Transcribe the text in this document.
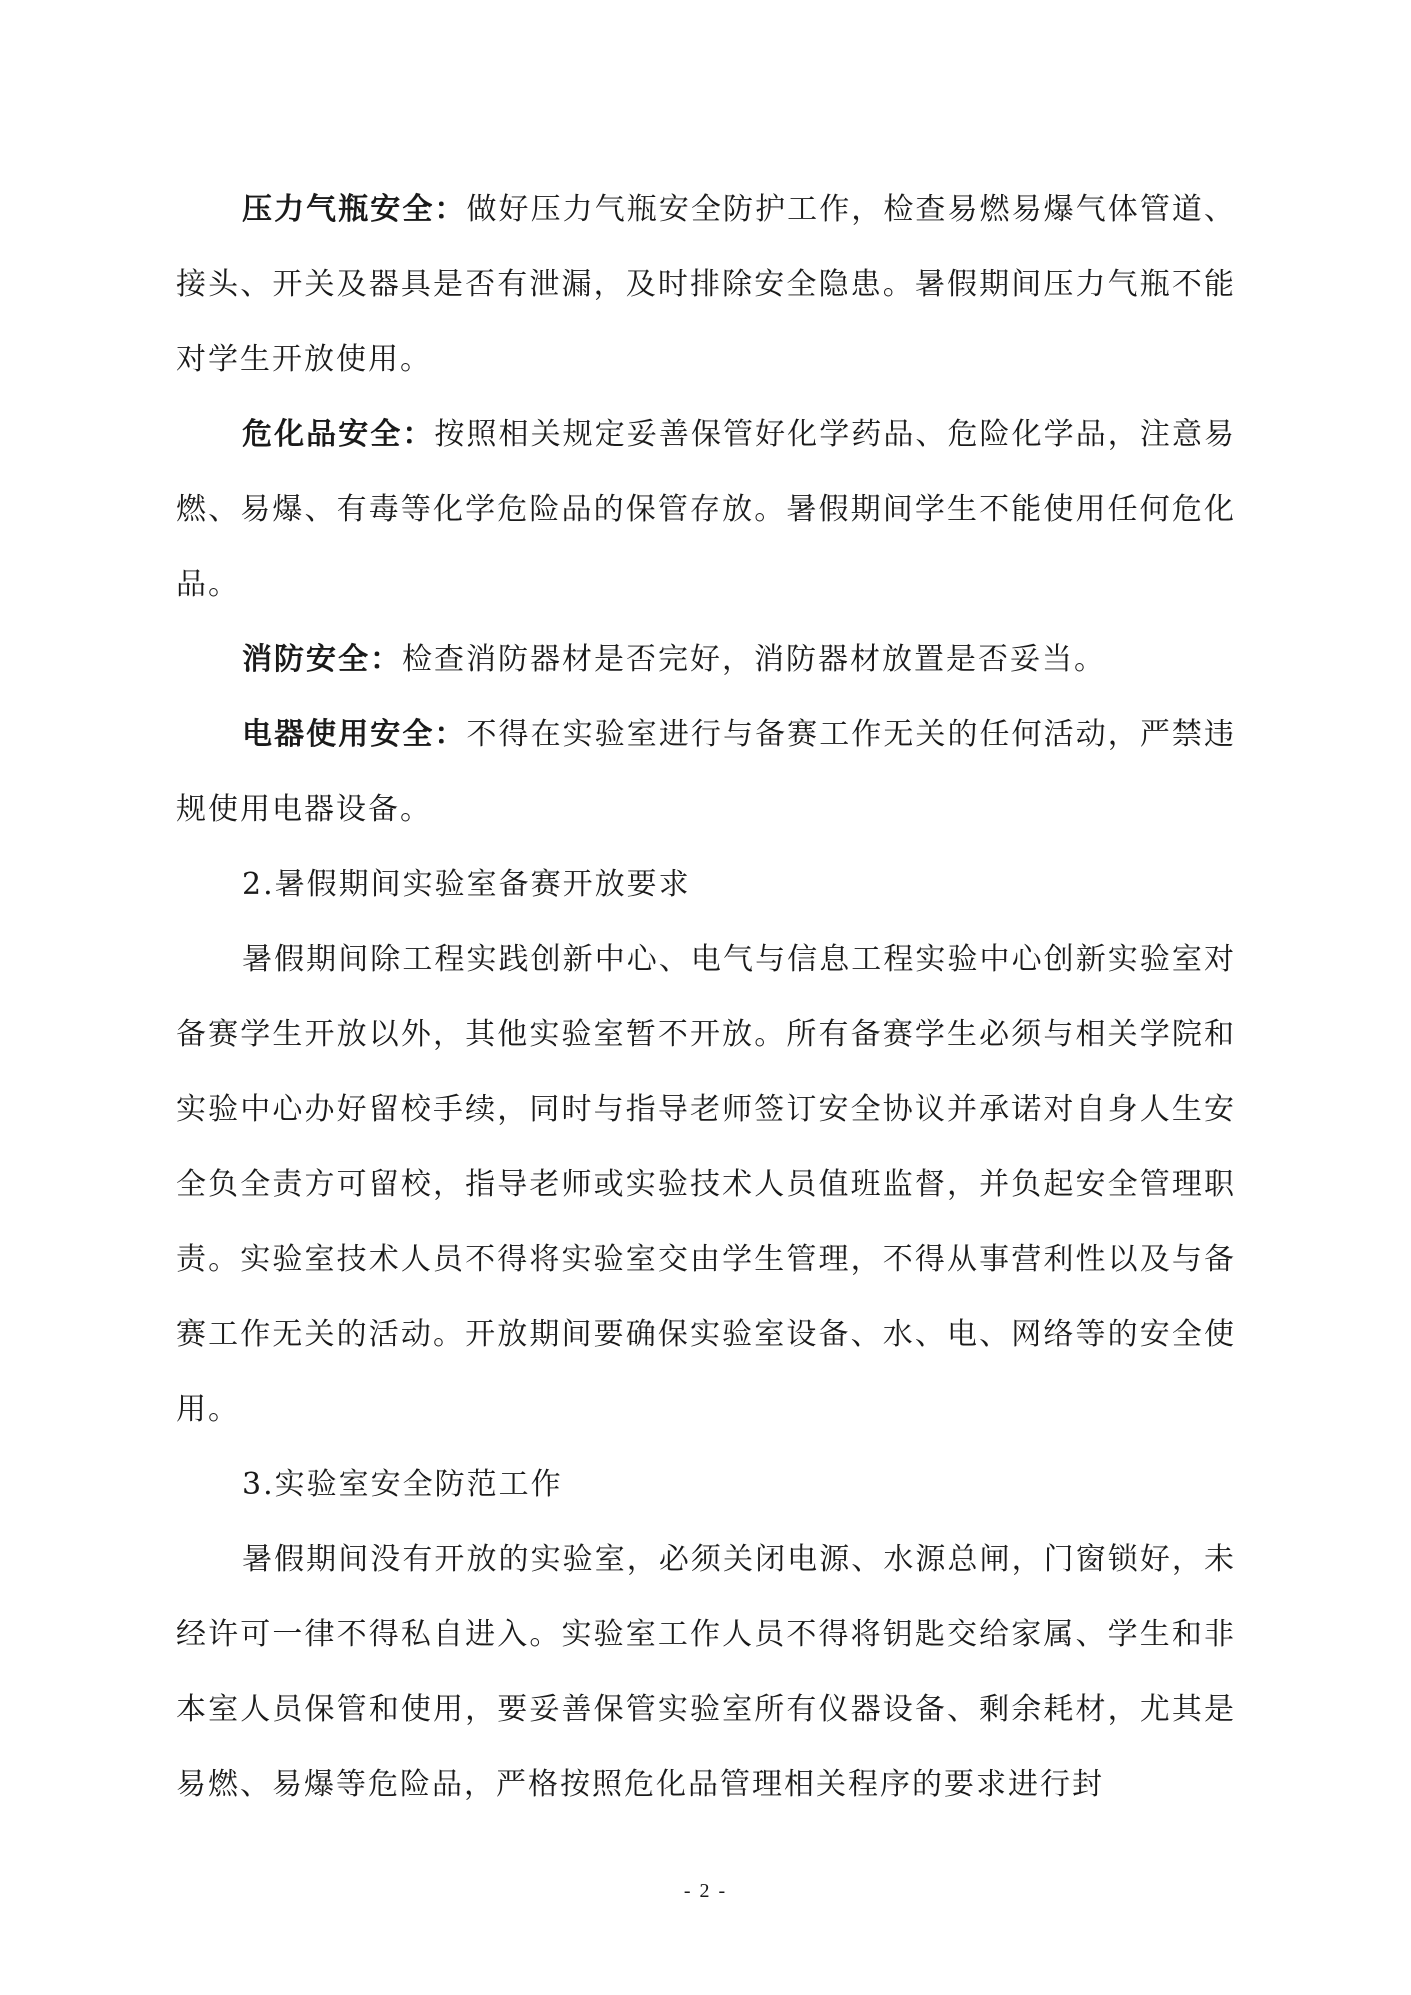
压力气瓶安全：做好压力气瓶安全防护工作，检查易燃易爆气体管道、接头、开关及器具是否有泄漏，及时排除安全隐患。暑假期间压力气瓶不能对学生开放使用。

危化品安全：按照相关规定妥善保管好化学药品、危险化学品，注意易燃、易爆、有毒等化学危险品的保管存放。暑假期间学生不能使用任何危化品。

消防安全：检查消防器材是否完好，消防器材放置是否妥当。

电器使用安全：不得在实验室进行与备赛工作无关的任何活动，严禁违规使用电器设备。

2.暑假期间实验室备赛开放要求

暑假期间除工程实践创新中心、电气与信息工程实验中心创新实验室对备赛学生开放以外，其他实验室暂不开放。所有备赛学生必须与相关学院和实验中心办好留校手续，同时与指导老师签订安全协议并承诺对自身人生安全负全责方可留校，指导老师或实验技术人员值班监督，并负起安全管理职责。实验室技术人员不得将实验室交由学生管理，不得从事营利性以及与备赛工作无关的活动。开放期间要确保实验室设备、水、电、网络等的安全使用。

3.实验室安全防范工作

暑假期间没有开放的实验室，必须关闭电源、水源总闸，门窗锁好，未经许可一律不得私自进入。实验室工作人员不得将钥匙交给家属、学生和非本室人员保管和使用，要妥善保管实验室所有仪器设备、剩余耗材，尤其是易燃、易爆等危险品，严格按照危化品管理相关程序的要求进行封

- 2 -
